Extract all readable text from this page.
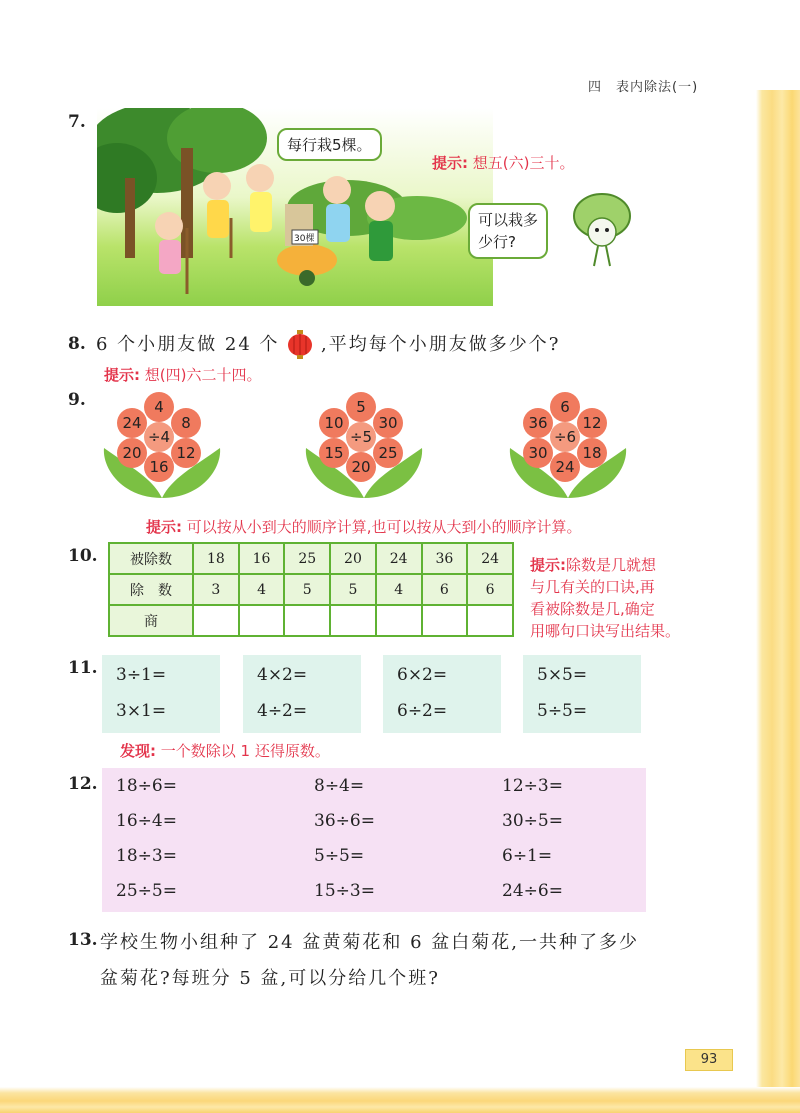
四　表内除法(一)
7.
30棵
每行栽5棵。
可以栽多
少行?
提示: 想五(六)三十。
8. 6 个小朋友做 24 个 ,平均每个小朋友做多少个?
提示: 想(四)六二十四。
9.	4
24	8
÷4
20	12
16
5
10	30
÷5
15	25
20
6
36	12
÷6
30	18
24
提示: 可以按从小到大的顺序计算,也可以按从大到小的顺序计算。
10. 被除数	18	16	25	20	24	36	24
除　数	3	4	5	5	4	6	6
商							
提示:除数是几就想
与几有关的口诀,再
看被除数是几,确定
用哪句口诀写出结果。
11. 3÷1=
3×1=
4×2=
4÷2=
6×2=
6÷2=
5×5=
5÷5=
发现: 一个数除以 1 还得原数。
12. 18÷6=	8÷4=	12÷3=
16÷4=	36÷6=	30÷5=
18÷3=	5÷5=	6÷1=
25÷5=	15÷3=	24÷6=
13. 学校生物小组种了 24 盆黄菊花和 6 盆白菊花,一共种了多少
盆菊花?每班分 5 盆,可以分给几个班?
93
